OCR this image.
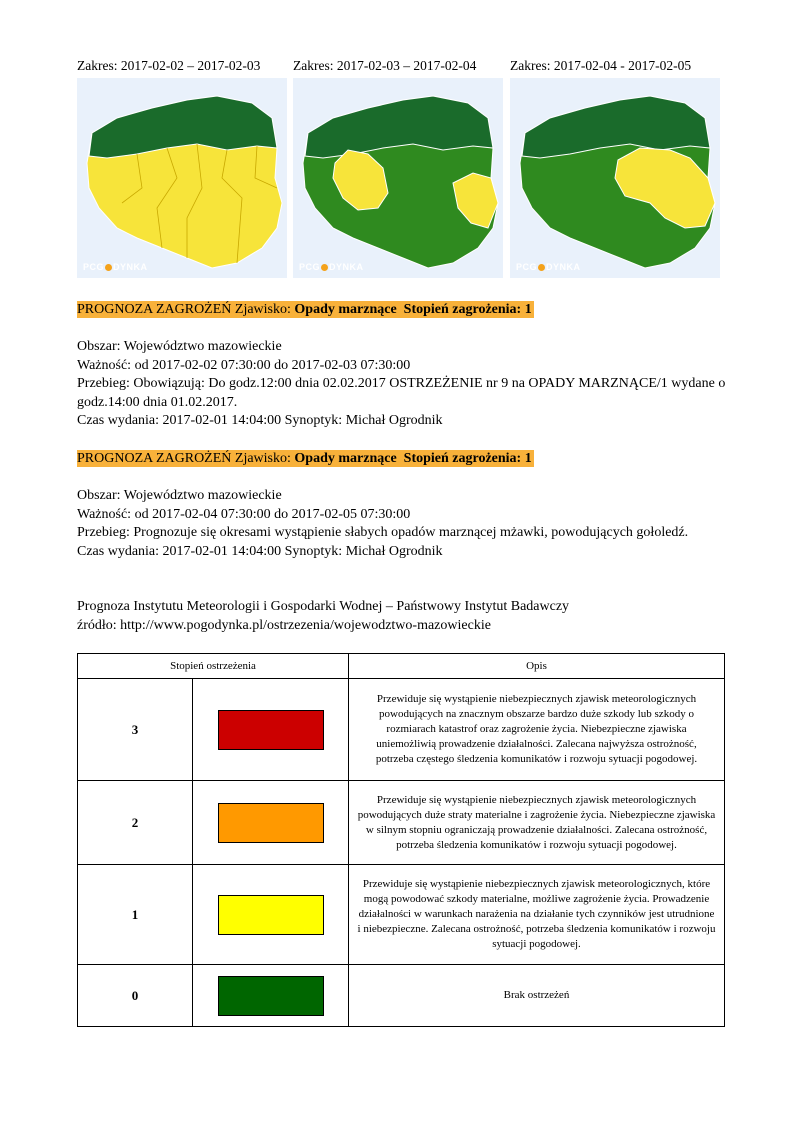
Zakres: 2017-02-02 – 2017-02-03
PCG DYNKA
Zakres: 2017-02-03 – 2017-02-04
PCG DYNKA
Zakres: 2017-02-04 - 2017-02-05
PCG DYNKA

PROGNOZA ZAGROŻEŃ Zjawisko: Opady marznące Stopień zagrożenia: 1

Obszar: Województwo mazowieckie

Ważność: od 2017-02-02 07:30:00 do 2017-02-03 07:30:00

Przebieg: Obowiązują: Do godz.12:00 dnia 02.02.2017 OSTRZEŻENIE nr 9 na OPADY MARZNĄCE/1 wydane o godz.14:00 dnia 01.02.2017.

Czas wydania: 2017-02-01 14:04:00 Synoptyk: Michał Ogrodnik

PROGNOZA ZAGROŻEŃ Zjawisko: Opady marznące Stopień zagrożenia: 1

Obszar: Województwo mazowieckie

Ważność: od 2017-02-04 07:30:00 do 2017-02-05 07:30:00

Przebieg: Prognozuje się okresami wystąpienie słabych opadów marznącej mżawki, powodujących gołoledź.

Czas wydania: 2017-02-01 14:04:00 Synoptyk: Michał Ogrodnik

Prognoza Instytutu Meteorologii i Gospodarki Wodnej – Państwowy Instytut Badawczy

źródło: http://www.pogodynka.pl/ostrzezenia/wojewodztwo-mazowieckie

Stopień ostrzeżenia		Opis
3		Przewiduje się wystąpienie niebezpiecznych zjawisk meteorologicznych powodujących na znacznym obszarze bardzo duże szkody lub szkody o rozmiarach katastrof oraz zagrożenie życia. Niebezpieczne zjawiska uniemożliwią prowadzenie działalności. Zalecana najwyższa ostrożność, potrzeba częstego śledzenia komunikatów i rozwoju sytuacji pogodowej.
2		Przewiduje się wystąpienie niebezpiecznych zjawisk meteorologicznych powodujących duże straty materialne i zagrożenie życia. Niebezpieczne zjawiska w silnym stopniu ograniczają prowadzenie działalności. Zalecana ostrożność, potrzeba śledzenia komunikatów i rozwoju sytuacji pogodowej.
1		Przewiduje się wystąpienie niebezpiecznych zjawisk meteorologicznych, które mogą powodować szkody materialne, możliwe zagrożenie życia. Prowadzenie działalności w warunkach narażenia na działanie tych czynników jest utrudnione i niebezpieczne. Zalecana ostrożność, potrzeba śledzenia komunikatów i rozwoju sytuacji pogodowej.
0		Brak ostrzeżeń
